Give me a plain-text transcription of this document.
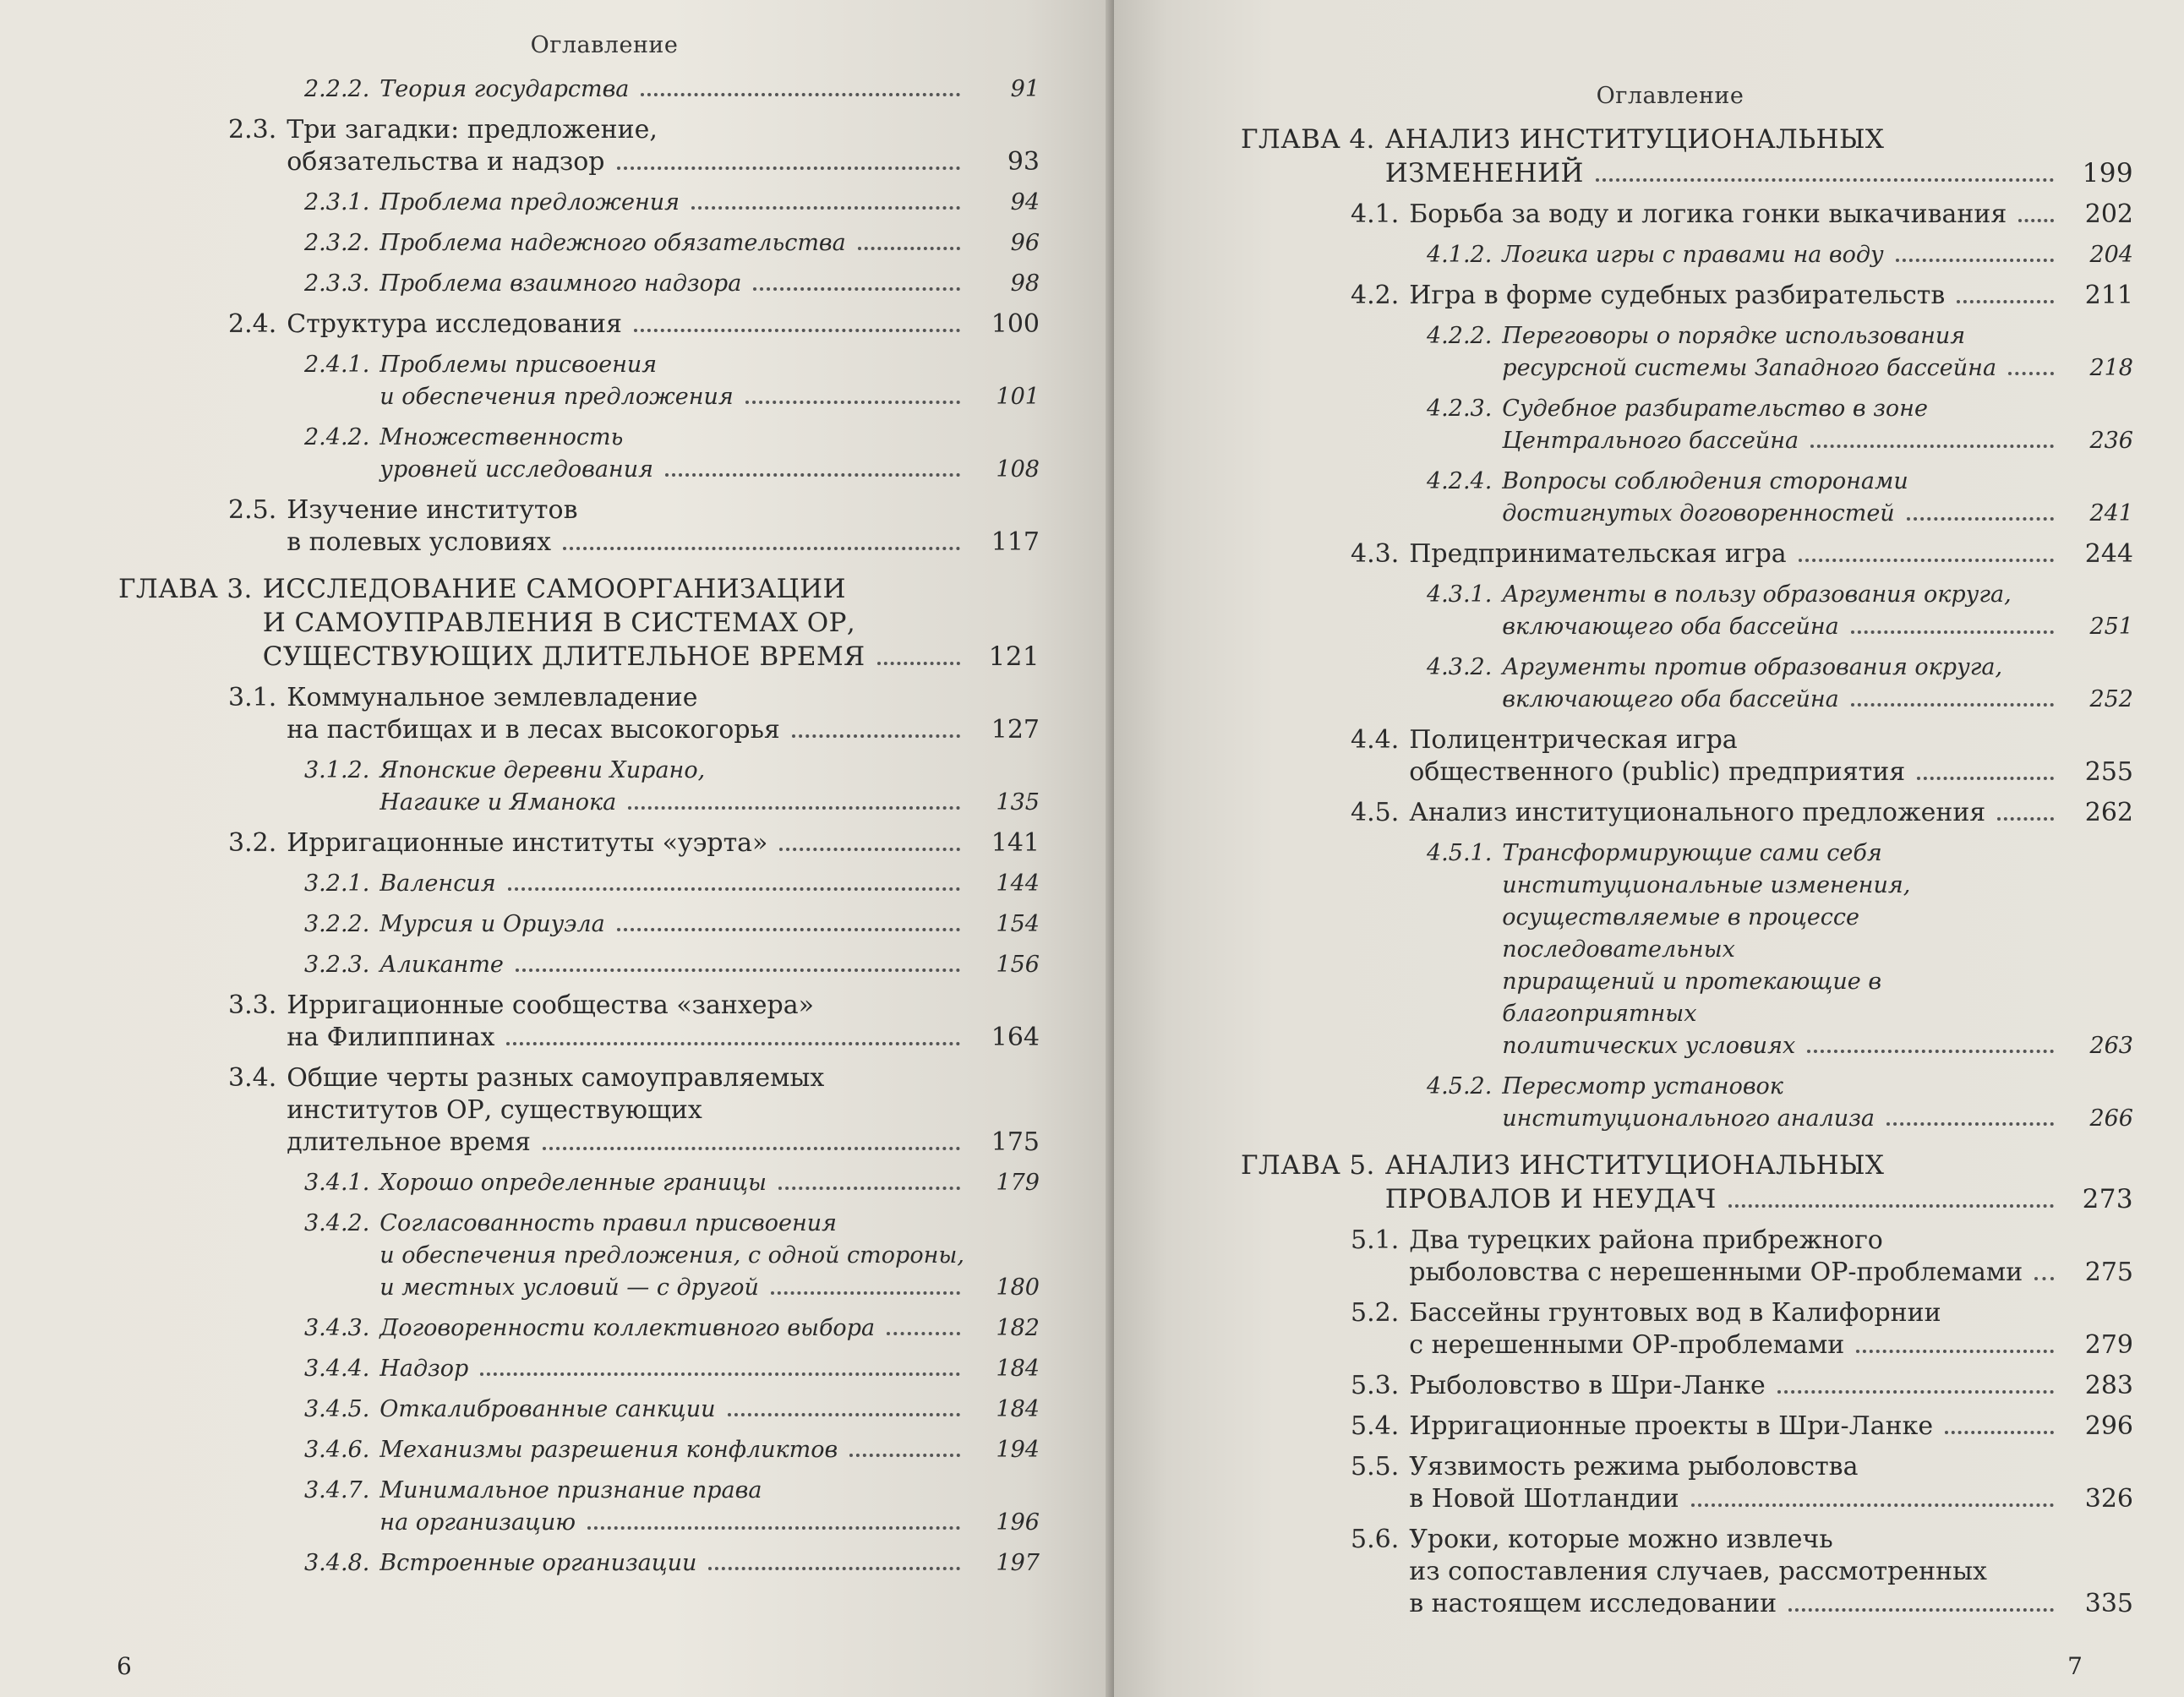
Оглавление
2.2.2. Теория государства	91
2.3. Три загадки: предложение,
обязательства и надзор	93
2.3.1. Проблема предложения	94
2.3.2. Проблема надежного обязательства	96
2.3.3. Проблема взаимного надзора	98
2.4. Структура исследования	100
2.4.1. Проблемы присвоения
и обеспечения предложения	101
2.4.2. Множественность
уровней исследования	108
2.5. Изучение институтов
в полевых условиях	117
ГЛАВА 3. ИССЛЕДОВАНИЕ САМООРГАНИЗАЦИИ
И САМОУПРАВЛЕНИЯ В СИСТЕМАХ ОР,
СУЩЕСТВУЮЩИХ ДЛИТЕЛЬНОЕ ВРЕМЯ	121
3.1. Коммунальное землевладение
на пастбищах и в лесах высокогорья	127
3.1.2. Японские деревни Хирано,
Нагаике и Яманока	135
3.2. Ирригационные институты «уэрта»	141
3.2.1. Валенсия	144
3.2.2. Мурсия и Ориуэла	154
3.2.3. Аликанте	156
3.3. Ирригационные сообщества «занхера»
на Филиппинах	164
3.4. Общие черты разных самоуправляемых
институтов ОР, существующих
длительное время	175
3.4.1. Хорошо определенные границы	179
3.4.2. Согласованность правил присвоения
и обеспечения предложения, с одной стороны,
и местных условий — с другой	180
3.4.3. Договоренности коллективного выбора	182
3.4.4. Надзор	184
3.4.5. Откалиброванные санкции	184
3.4.6. Механизмы разрешения конфликтов	194
3.4.7. Минимальное признание права
на организацию	196
3.4.8. Встроенные организации	197
6
Оглавление
ГЛАВА 4. АНАЛИЗ ИНСТИТУЦИОНАЛЬНЫХ
ИЗМЕНЕНИЙ	199
4.1. Борьба за воду и логика гонки выкачивания	202
4.1.2. Логика игры с правами на воду	204
4.2. Игра в форме судебных разбирательств	211
4.2.2. Переговоры о порядке использования
ресурсной системы Западного бассейна	218
4.2.3. Судебное разбирательство в зоне
Центрального бассейна	236
4.2.4. Вопросы соблюдения сторонами
достигнутых договоренностей	241
4.3. Предпринимательская игра	244
4.3.1. Аргументы в пользу образования округа,
включающего оба бассейна	251
4.3.2. Аргументы против образования округа,
включающего оба бассейна	252
4.4. Полицентрическая игра
общественного (public) предприятия	255
4.5. Анализ институционального предложения	262
4.5.1. Трансформирующие сами себя
институциональные изменения,
осуществляемые в процессе последовательных
приращений и протекающие в благоприятных
политических условиях	263
4.5.2. Пересмотр установок
институционального анализа	266
ГЛАВА 5. АНАЛИЗ ИНСТИТУЦИОНАЛЬНЫХ
ПРОВАЛОВ И НЕУДАЧ	273
5.1. Два турецких района прибрежного
рыболовства с нерешенными ОР-проблемами	275
5.2. Бассейны грунтовых вод в Калифорнии
с нерешенными ОР-проблемами	279
5.3. Рыболовство в Шри-Ланке	283
5.4. Ирригационные проекты в Шри-Ланке	296
5.5. Уязвимость режима рыболовства
в Новой Шотландии	326
5.6. Уроки, которые можно извлечь
из сопоставления случаев, рассмотренных
в настоящем исследовании	335
7
